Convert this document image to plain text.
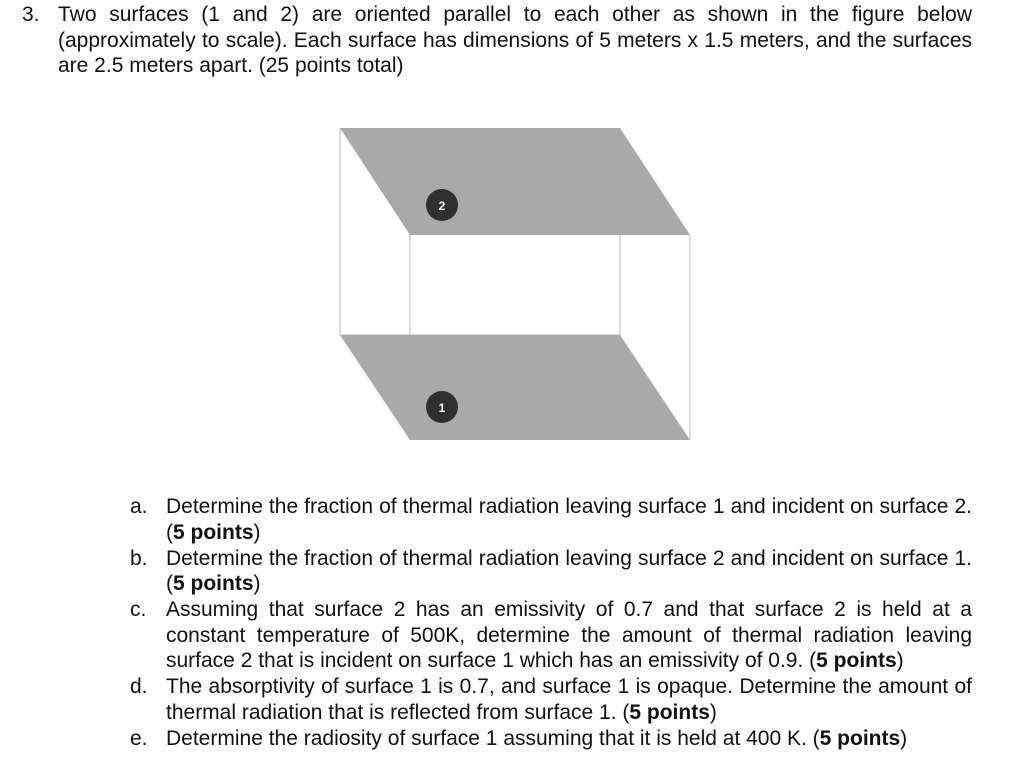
3. Two surfaces (1 and 2) are oriented parallel to each other as shown in the figure below (approximately to scale). Each surface has dimensions of 5 meters x 1.5 meters, and the surfaces are 2.5 meters apart. (25 points total)
2
1
a. Determine the fraction of thermal radiation leaving surface 1 and incident on surface 2. (5 points)
b. Determine the fraction of thermal radiation leaving surface 2 and incident on surface 1. (5 points)
c. Assuming that surface 2 has an emissivity of 0.7 and that surface 2 is held at a constant temperature of 500K, determine the amount of thermal radiation leaving surface 2 that is incident on surface 1 which has an emissivity of 0.9. (5 points)
d. The absorptivity of surface 1 is 0.7, and surface 1 is opaque. Determine the amount of thermal radiation that is reflected from surface 1. (5 points)
e. Determine the radiosity of surface 1 assuming that it is held at 400 K. (5 points)
